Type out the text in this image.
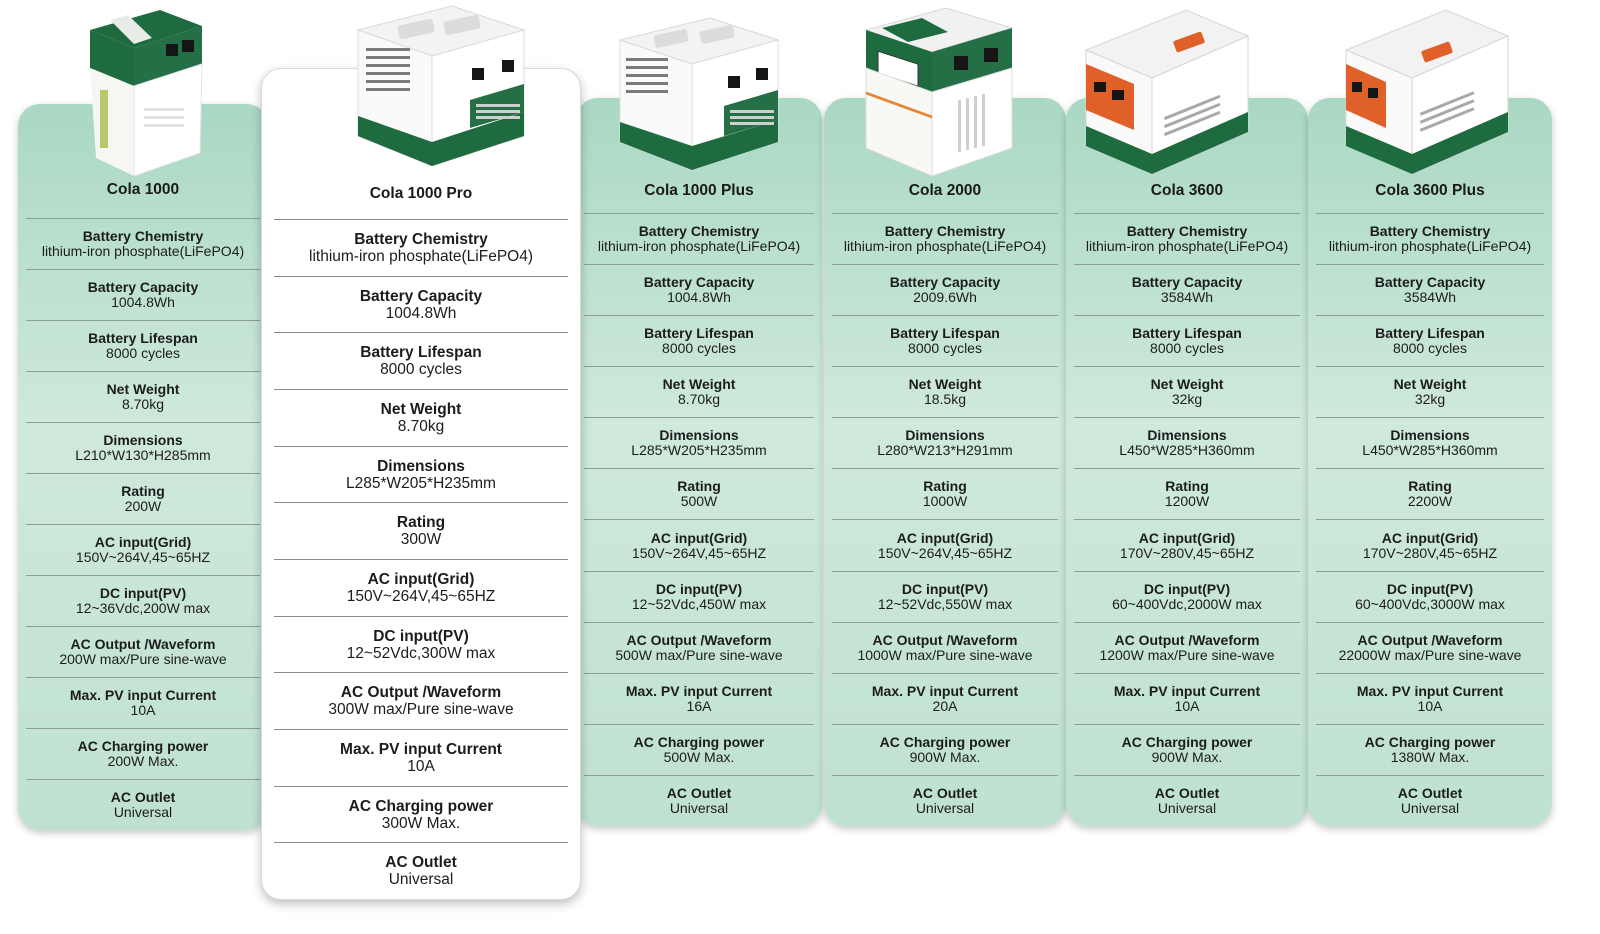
Cola 1000
Battery Chemistry
lithium-iron phosphate(LiFePO4)
Battery Capacity
1004.8Wh
Battery Lifespan
8000 cycles
Net Weight
8.70kg
Dimensions
L210*W130*H285mm
Rating
200W
AC input(Grid)
150V~264V,45~65HZ
DC input(PV)
12~36Vdc,200W max
AC Output /Waveform
200W max/Pure sine-wave
Max. PV input Current
10A
AC Charging power
200W Max.
AC Outlet
Universal
Cola 1000 Plus
Battery Chemistry
lithium-iron phosphate(LiFePO4)
Battery Capacity
1004.8Wh
Battery Lifespan
8000 cycles
Net Weight
8.70kg
Dimensions
L285*W205*H235mm
Rating
500W
AC input(Grid)
150V~264V,45~65HZ
DC input(PV)
12~52Vdc,450W max
AC Output /Waveform
500W max/Pure sine-wave
Max. PV input Current
16A
AC Charging power
500W Max.
AC Outlet
Universal
Cola 2000
Battery Chemistry
lithium-iron phosphate(LiFePO4)
Battery Capacity
2009.6Wh
Battery Lifespan
8000 cycles
Net Weight
18.5kg
Dimensions
L280*W213*H291mm
Rating
1000W
AC input(Grid)
150V~264V,45~65HZ
DC input(PV)
12~52Vdc,550W max
AC Output /Waveform
1000W max/Pure sine-wave
Max. PV input Current
20A
AC Charging power
900W Max.
AC Outlet
Universal
Cola 3600
Battery Chemistry
lithium-iron phosphate(LiFePO4)
Battery Capacity
3584Wh
Battery Lifespan
8000 cycles
Net Weight
32kg
Dimensions
L450*W285*H360mm
Rating
1200W
AC input(Grid)
170V~280V,45~65HZ
DC input(PV)
60~400Vdc,2000W max
AC Output /Waveform
1200W max/Pure sine-wave
Max. PV input Current
10A
AC Charging power
900W Max.
AC Outlet
Universal
Cola 3600 Plus
Battery Chemistry
lithium-iron phosphate(LiFePO4)
Battery Capacity
3584Wh
Battery Lifespan
8000 cycles
Net Weight
32kg
Dimensions
L450*W285*H360mm
Rating
2200W
AC input(Grid)
170V~280V,45~65HZ
DC input(PV)
60~400Vdc,3000W max
AC Output /Waveform
22000W max/Pure sine-wave
Max. PV input Current
10A
AC Charging power
1380W Max.
AC Outlet
Universal
Cola 1000 Pro
Battery Chemistry
lithium-iron phosphate(LiFePO4)
Battery Capacity
1004.8Wh
Battery Lifespan
8000 cycles
Net Weight
8.70kg
Dimensions
L285*W205*H235mm
Rating
300W
AC input(Grid)
150V~264V,45~65HZ
DC input(PV)
12~52Vdc,300W max
AC Output /Waveform
300W max/Pure sine-wave
Max. PV input Current
10A
AC Charging power
300W Max.
AC Outlet
Universal
